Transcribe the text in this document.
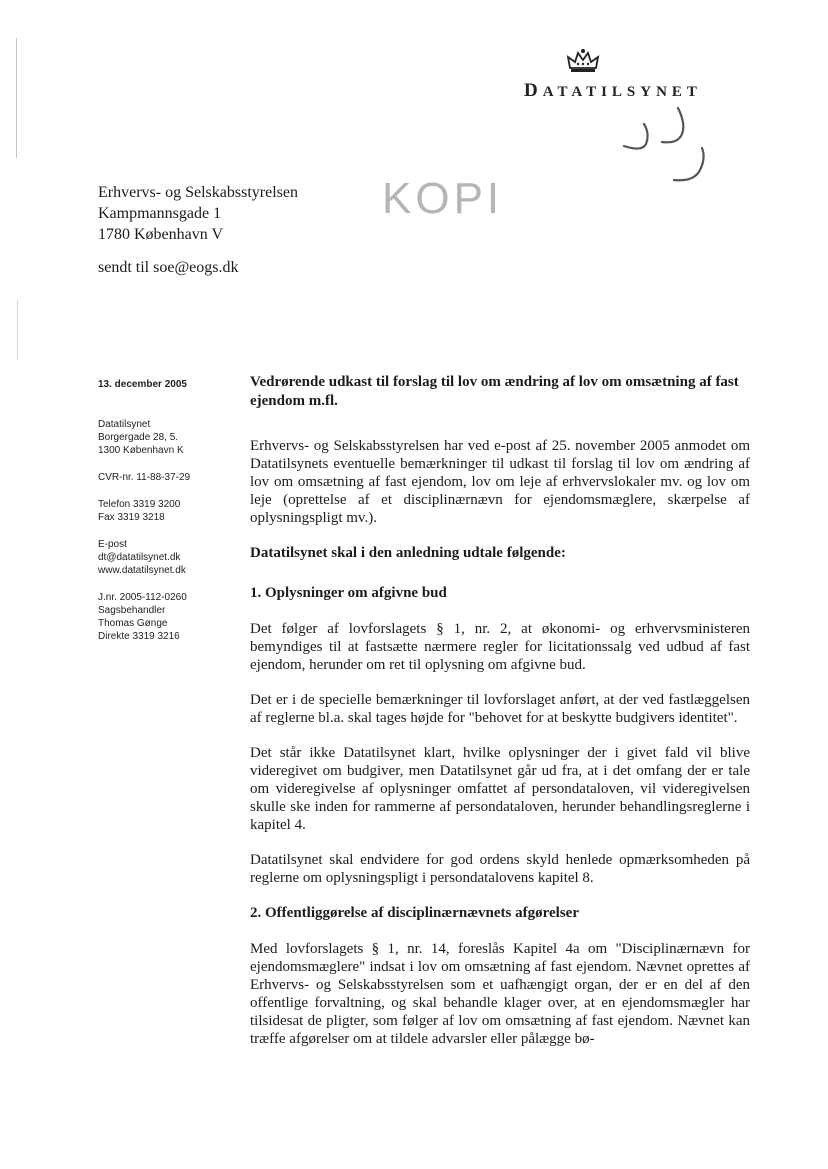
DATATILSYNET
Erhvervs- og Selskabsstyrelsen
Kampmannsgade 1
1780 København V
KOPI
sendt til soe@eogs.dk
13. december 2005
Datatilsynet
Borgergade 28, 5.
1300 København K
CVR-nr. 11-88-37-29
Telefon 3319 3200
Fax 3319 3218
E-post
dt@datatilsynet.dk
www.datatilsynet.dk
J.nr. 2005-112-0260
Sagsbehandler
Thomas Gønge
Direkte 3319 3216
Vedrørende udkast til forslag til lov om ændring af lov om omsætning af fast ejendom m.fl.

Erhvervs- og Selskabsstyrelsen har ved e-post af 25. november 2005 anmodet om Datatilsynets eventuelle bemærkninger til udkast til forslag til lov om ændring af lov om omsætning af fast ejendom, lov om leje af erhvervslokaler mv. og lov om leje (oprettelse af et disciplinærnævn for ejendomsmæglere, skærpelse af oplysningspligt mv.).

Datatilsynet skal i den anledning udtale følgende:
1. Oplysninger om afgivne bud

Det følger af lovforslagets § 1, nr. 2, at økonomi- og erhvervsministeren bemyndiges til at fastsætte nærmere regler for licitationssalg ved udbud af fast ejendom, herunder om ret til oplysning om afgivne bud.

Det er i de specielle bemærkninger til lovforslaget anført, at der ved fastlæggelsen af reglerne bl.a. skal tages højde for "behovet for at beskytte budgivers identitet".

Det står ikke Datatilsynet klart, hvilke oplysninger der i givet fald vil blive videregivet om budgiver, men Datatilsynet går ud fra, at i det omfang der er tale om videregivelse af oplysninger omfattet af persondataloven, vil videregivelsen skulle ske inden for rammerne af persondataloven, herunder behandlingsreglerne i kapitel 4.

Datatilsynet skal endvidere for god ordens skyld henlede opmærksomheden på reglerne om oplysningspligt i persondatalovens kapitel 8.

2. Offentliggørelse af disciplinærnævnets afgørelser

Med lovforslagets § 1, nr. 14, foreslås Kapitel 4a om "Disciplinærnævn for ejendomsmæglere" indsat i lov om omsætning af fast ejendom. Nævnet oprettes af Erhvervs- og Selskabsstyrelsen som et uafhængigt organ, der er en del af den offentlige forvaltning, og skal behandle klager over, at en ejendomsmægler har tilsidesat de pligter, som følger af lov om omsætning af fast ejendom. Nævnet kan træffe afgørelser om at tildele advarsler eller pålægge bø-
